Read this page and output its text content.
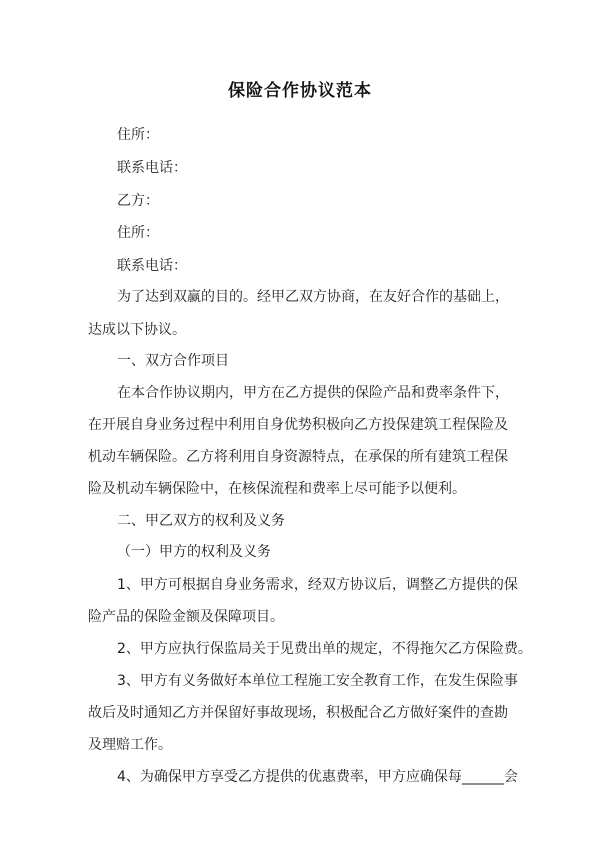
保险合作协议范本
住所：
联系电话：
乙方：
住所：
联系电话：
为了达到双赢的目的。经甲乙双方协商，在友好合作的基础上，
达成以下协议。
一、双方合作项目
在本合作协议期内，甲方在乙方提供的保险产品和费率条件下，
在开展自身业务过程中利用自身优势积极向乙方投保建筑工程保险及
机动车辆保险。乙方将利用自身资源特点，在承保的所有建筑工程保
险及机动车辆保险中，在核保流程和费率上尽可能予以便利。
二、甲乙双方的权利及义务
（一）甲方的权利及义务
1、甲方可根据自身业务需求，经双方协议后，调整乙方提供的保
险产品的保险金额及保障项目。
2、甲方应执行保监局关于见费出单的规定，不得拖欠乙方保险费。
3、甲方有义务做好本单位工程施工安全教育工作，在发生保险事
故后及时通知乙方并保留好事故现场，积极配合乙方做好案件的查勘
及理赔工作。
4、为确保甲方享受乙方提供的优惠费率，甲方应确保每______会
